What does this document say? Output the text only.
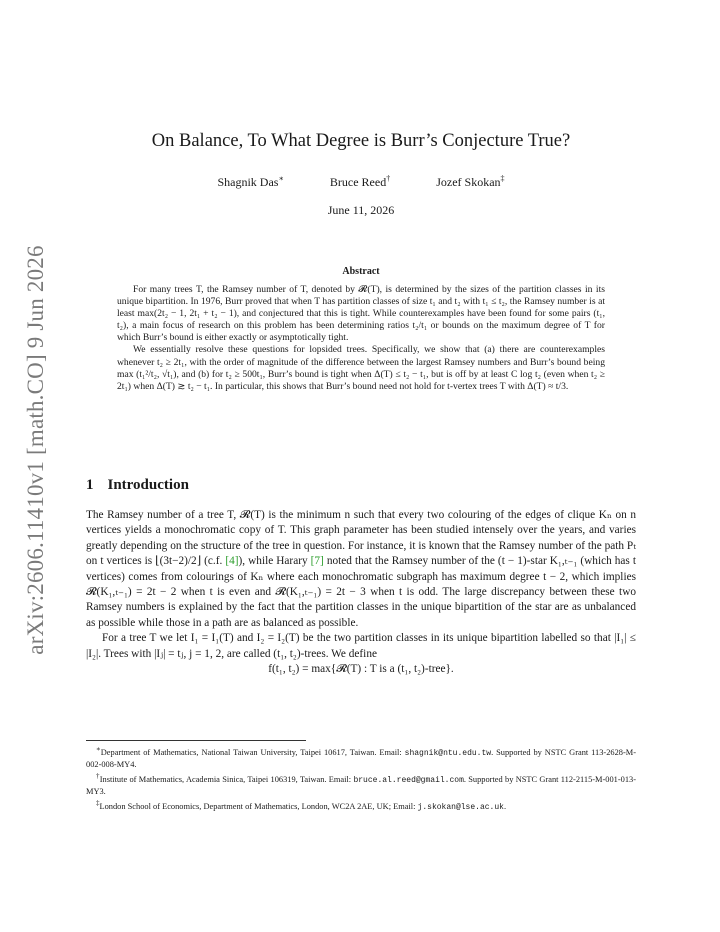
arXiv:2606.11410v1 [math.CO] 9 Jun 2026
On Balance, To What Degree is Burr’s Conjecture True?
Shagnik Das∗	Bruce Reed†	Jozef Skokan‡
June 11, 2026
Abstract

For many trees T, the Ramsey number of T, denoted by 𝓡(T), is determined by the sizes of the partition classes in its unique bipartition. In 1976, Burr proved that when T has partition classes of size t₁ and t₂ with t₁ ≤ t₂, the Ramsey number is at least max(2t₂ − 1, 2t₁ + t₂ − 1), and conjectured that this is tight. While counterexamples have been found for some pairs (t₁, t₂), a main focus of research on this problem has been determining ratios t₂/t₁ or bounds on the maximum degree of T for which Burr’s bound is either exactly or asymptotically tight.

We essentially resolve these questions for lopsided trees. Specifically, we show that (a) there are counterexamples whenever t₂ ≥ 2t₁, with the order of magnitude of the difference between the largest Ramsey numbers and Burr’s bound being max (t₁²/t₂, √t₁), and (b) for t₂ ≥ 500t₁, Burr’s bound is tight when Δ(T) ≤ t₂ − t₁, but is off by at least C log t₂ (even when t₂ ≥ 2t₁) when Δ(T) ≳ t₂ − t₁. In particular, this shows that Burr’s bound need not hold for t-vertex trees T with Δ(T) ≈ t/3.

1 Introduction

The Ramsey number of a tree T, 𝓡(T) is the minimum n such that every two colouring of the edges of clique Kₙ on n vertices yields a monochromatic copy of T. This graph parameter has been studied intensely over the years, and varies greatly depending on the structure of the tree in question. For instance, it is known that the Ramsey number of the path Pₜ on t vertices is ⌊(3t−2)/2⌋ (c.f. [4]), while Harary [7] noted that the Ramsey number of the (t − 1)-star K₁,ₜ₋₁ (which has t vertices) comes from colourings of Kₙ where each monochromatic subgraph has maximum degree t − 2, which implies 𝓡(K₁,ₜ₋₁) = 2t − 2 when t is even and 𝓡(K₁,ₜ₋₁) = 2t − 3 when t is odd. The large discrepancy between these two Ramsey numbers is explained by the fact that the partition classes in the unique bipartition of the star are as unbalanced as possible while those in a path are as balanced as possible.

For a tree T we let I₁ = I₁(T) and I₂ = I₂(T) be the two partition classes in its unique bipartition labelled so that |I₁| ≤ |I₂|. Trees with |Iⱼ| = tⱼ, j = 1, 2, are called (t₁, t₂)-trees. We define

f(t₁, t₂) = max{𝓡(T) : T is a (t₁, t₂)-tree}.

∗Department of Mathematics, National Taiwan University, Taipei 10617, Taiwan. Email: shagnik@ntu.edu.tw. Supported by NSTC Grant 113-2628-M-002-008-MY4.

†Institute of Mathematics, Academia Sinica, Taipei 106319, Taiwan. Email: bruce.al.reed@gmail.com. Supported by NSTC Grant 112-2115-M-001-013-MY3.

‡London School of Economics, Department of Mathematics, London, WC2A 2AE, UK; Email: j.skokan@lse.ac.uk.
